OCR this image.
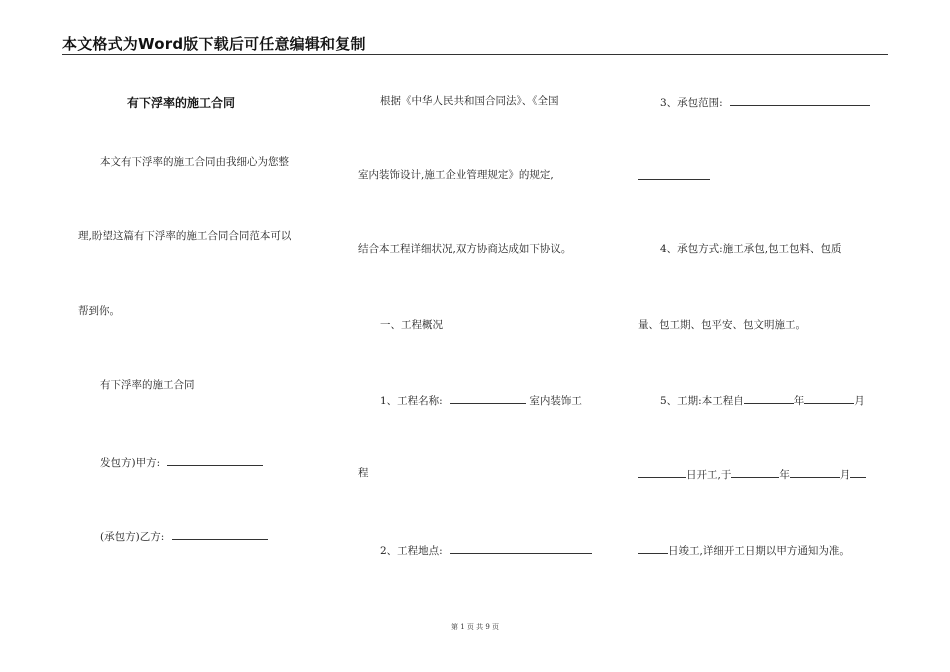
本文格式为Word版下载后可任意编辑和复制
有下浮率的施工合同
本文有下浮率的施工合同由我细心为您整
理,盼望这篇有下浮率的施工合同合同范本可以
帮到你。
有下浮率的施工合同
发包方)甲方:
(承包方)乙方:
根据《中华人民共和国合同法》、《全国
室内装饰设计,施工企业管理规定》的规定,
结合本工程详细状况,双方协商达成如下协议。
一、工程概况
1、工程名称:	室内装饰工
程
2、工程地点:
3、承包范围:
4、承包方式:施工承包,包工包料、包质
量、包工期、包平安、包文明施工。
5、工期:本工程自	年	月
日开工,于	年	月
日竣工,详细开工日期以甲方通知为准。
第 1 页 共 9 页
